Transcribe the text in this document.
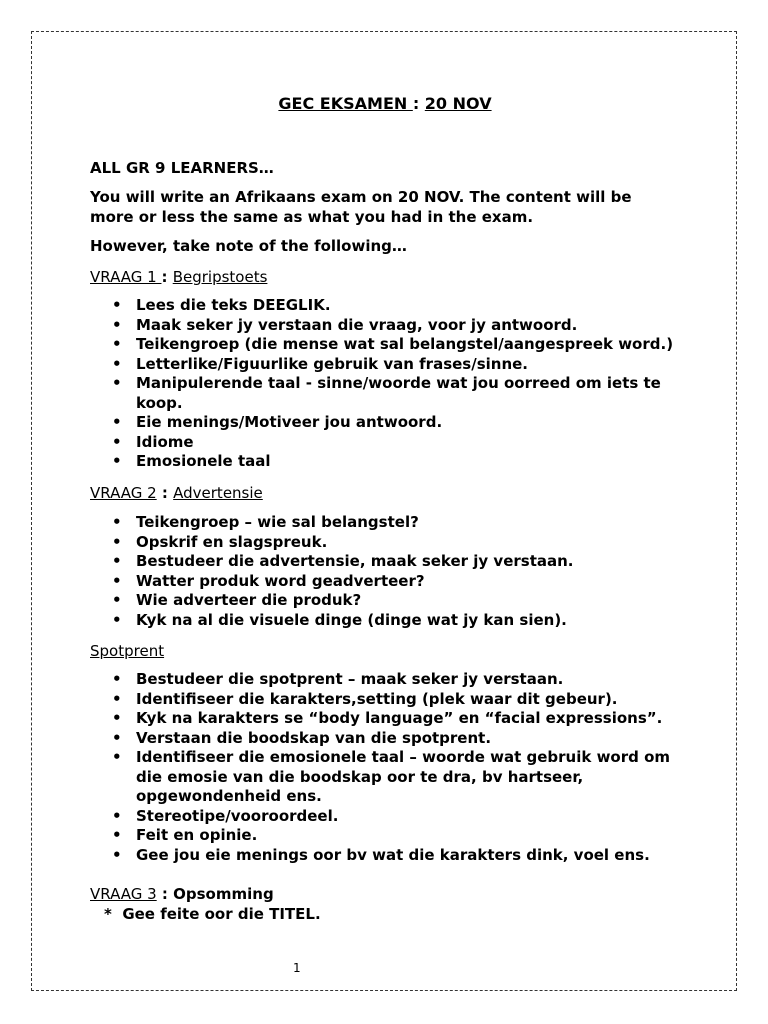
GEC EKSAMEN : 20 NOV
ALL GR 9 LEARNERS…
You will write an Afrikaans exam on 20 NOV. The content will be more or less the same as what you had in the exam.
However, take note of the following…
VRAAG 1 : Begripstoets
• Lees die teks DEEGLIK.
• Maak seker jy verstaan die vraag, voor jy antwoord.
• Teikengroep (die mense wat sal belangstel/aangespreek word.)
• Letterlike/Figuurlike gebruik van frases/sinne.
• Manipulerende taal - sinne/woorde wat jou oorreed om iets te koop.
• Eie menings/Motiveer jou antwoord.
• Idiome
• Emosionele taal
VRAAG 2 : Advertensie
• Teikengroep – wie sal belangstel?
• Opskrif en slagspreuk.
• Bestudeer die advertensie, maak seker jy verstaan.
• Watter produk word geadverteer?
• Wie adverteer die produk?
• Kyk na al die visuele dinge (dinge wat jy kan sien).
Spotprent
• Bestudeer die spotprent – maak seker jy verstaan.
• Identifiseer die karakters,setting (plek waar dit gebeur).
• Kyk na karakters se “body language” en “facial expressions”.
• Verstaan die boodskap van die spotprent.
• Identifiseer die emosionele taal – woorde wat gebruik word om die emosie van die boodskap oor te dra, bv hartseer, opgewondenheid ens.
• Stereotipe/vooroordeel.
• Feit en opinie.
• Gee jou eie menings oor bv wat die karakters dink, voel ens.
VRAAG 3 : Opsomming
* Gee feite oor die TITEL.
1
